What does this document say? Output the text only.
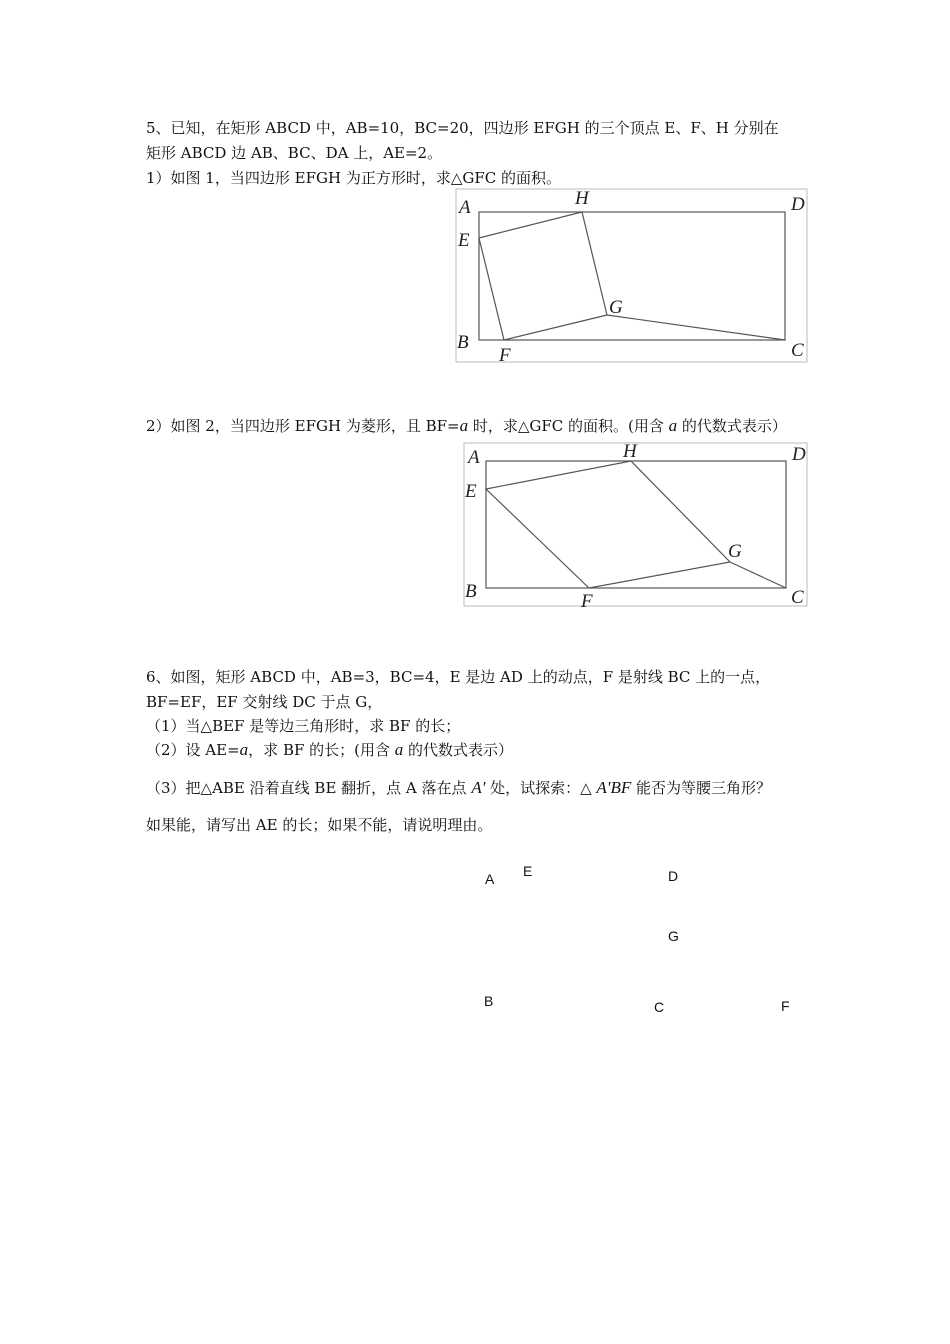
5、已知，在矩形 ABCD 中，AB=10，BC=20，四边形 EFGH 的三个顶点 E、F、H 分别在
矩形 ABCD 边 AB、BC、DA 上，AE=2。
1）如图 1，当四边形 EFGH 为正方形时，求△GFC 的面积。
A	H	D
E
G
B
F	C
2）如图 2，当四边形 EFGH 为菱形，且 BF=a 时，求△GFC 的面积。(用含 a 的代数式表示）
A	H	D
E
G
B	F	C
6、如图，矩形 ABCD 中，AB=3，BC=4，E 是边 AD 上的动点，F 是射线 BC 上的一点，
BF=EF，EF 交射线 DC 于点 G，
（1）当△BEF 是等边三角形时，求 BF 的长；
（2）设 AE=a，求 BF 的长；(用含 a 的代数式表示）
（3）把△ABE 沿着直线 BE 翻折，点 A 落在点 A' 处，试探索：△ A'BF 能否为等腰三角形？
如果能，请写出 AE 的长；如果不能，请说明理由。
A E	D
G
B	C	F
